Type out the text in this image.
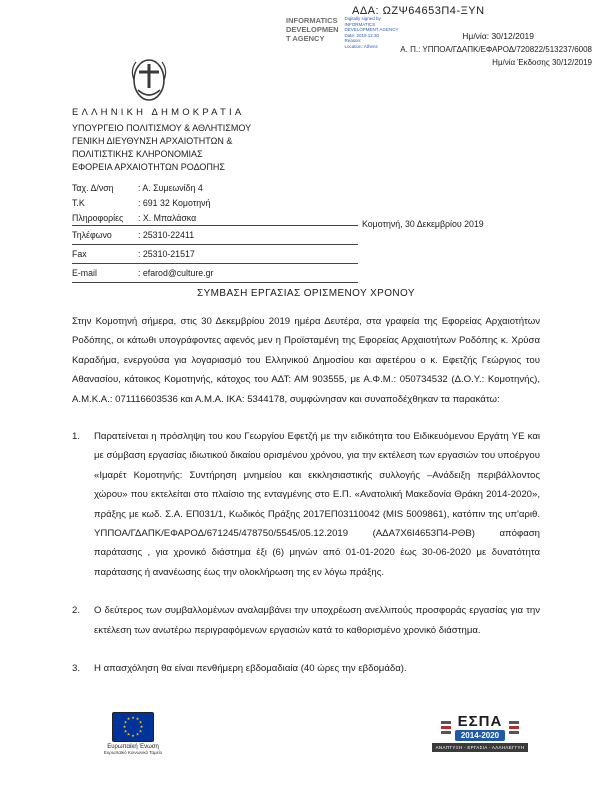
ΑΔΑ: ΩΖΨ64653Π4-ΞΥΝ
INFORMATICS
DEVELOPMEN
T AGENCY
Digitally signed by
INFORMATICS
DEVELOPMENT AGENCY
Date: 2019.12.30
Reason:
Location: Athens
Ημ/νία: 30/12/2019
Α. Π.: ΥΠΠΟΑ/ΓΔΑΠΚ/ΕΦΑΡΟΔ/720822/513237/6008
Ημ/νία Έκδοσης 30/12/2019
ΕΛΛΗΝΙΚΗ ΔΗΜΟΚΡΑΤΙΑ
ΥΠΟΥΡΓΕΙΟ ΠΟΛΙΤΙΣΜΟΥ & ΑΘΛΗΤΙΣΜΟΥ
ΓΕΝΙΚΗ ΔΙΕΥΘΥΝΣΗ ΑΡΧΑΙΟΤΗΤΩΝ &
ΠΟΛΙΤΙΣΤΙΚΗΣ ΚΛΗΡΟΝΟΜΙΑΣ
ΕΦΟΡΕΙΑ ΑΡΧΑΙΟΤΗΤΩΝ ΡΟΔΟΠΗΣ
Ταχ. Δ/νση	: Α. Συμεωνίδη 4
Τ.Κ	: 691 32 Κομοτηνή
Πληροφορίες	: Χ. Μπαλάσκα
Τηλέφωνο	: 25310-22411
Fax	: 25310-21517
E-mail	: efarod@culture.gr
Κομοτηνή, 30 Δεκεμβρίου 2019
ΣΥΜΒΑΣΗ ΕΡΓΑΣΙΑΣ ΟΡΙΣΜΕΝΟΥ ΧΡΟΝΟΥ

Στην Κομοτηνή σήμερα, στις 30 Δεκεμβρίου 2019 ημέρα Δευτέρα, στα γραφεία της Εφορείας Αρχαιοτήτων Ροδόπης, οι κάτωθι υπογράφοντες αφενός μεν η Προϊσταμένη της Εφορείας Αρχαιοτήτων Ροδόπης κ. Χρύσα Καραδήμα, ενεργούσα για λογαριασμό του Ελληνικού Δημοσίου και αφετέρου ο κ. Εφετζής Γεώργιος του Αθανασίου, κάτοικος Κομοτηνής, κάτοχος του ΑΔΤ: ΑΜ 903555, με Α.Φ.Μ.: 050734532 (Δ.Ο.Υ.: Κομοτηνής), Α.Μ.Κ.Α.: 071116603536 και Α.Μ.Α. ΙΚΑ: 5344178, συμφώνησαν και συναποδέχθηκαν τα παρακάτω:

1.	Παρατείνεται η πρόσληψη του κου Γεωργίου Εφετζή με την ειδικότητα του Ειδικευόμενου Εργάτη ΥΕ και με σύμβαση εργασίας ιδιωτικού δικαίου ορισμένου χρόνου, για την εκτέλεση των εργασιών του υποέργου «Ιμαρέτ Κομοτηνής: Συντήρηση μνημείου και εκκλησιαστικής συλλογής –Ανάδειξη περιβάλλοντος χώρου» που εκτελείται στο πλαίσιο της ενταγμένης στο Ε.Π. «Ανατολική Μακεδονία Θράκη 2014-2020», πράξης με κωδ. Σ.Α. ΕΠ031/1, Κωδικός Πράξης 2017ΕΠ03110042 (MIS 5009861), κατόπιν της υπ'αριθ. ΥΠΠΟΑ/ΓΔΑΠΚ/ΕΦΑΡΟΔ/671245/478750/5545/05.12.2019 (ΑΔΑ7Χ6Ι4653Π4-ΡΘΒ) απόφαση παράτασης , για χρονικό διάστημα έξι (6) μηνών από 01-01-2020 έως 30-06-2020 με δυνατότητα παράτασης ή ανανέωσης έως την ολοκλήρωση της εν λόγω πράξης.
2.	Ο δεύτερος των συμβαλλομένων αναλαμβάνει την υποχρέωση ανελλιπούς προσφοράς εργασίας για την εκτέλεση των ανωτέρω περιγραφόμενων εργασιών κατά το καθορισμένο χρονικό διάστημα.
3.	Η απασχόληση θα είναι πενθήμερη εβδομαδιαία (40 ώρες την εβδομάδα).
★ ★
★
★
★
★
★
★
★
★
★
★
Ευρωπαϊκή Ένωση
Ευρωπαϊκό Κοινωνικό Ταμείο
ΕΣΠΑ
2014-2020
ΑΝΑΠΤΥΞΗ - ΕΡΓΑΣΙΑ - ΑΛΛΗΛΕΓΓΥΗ
